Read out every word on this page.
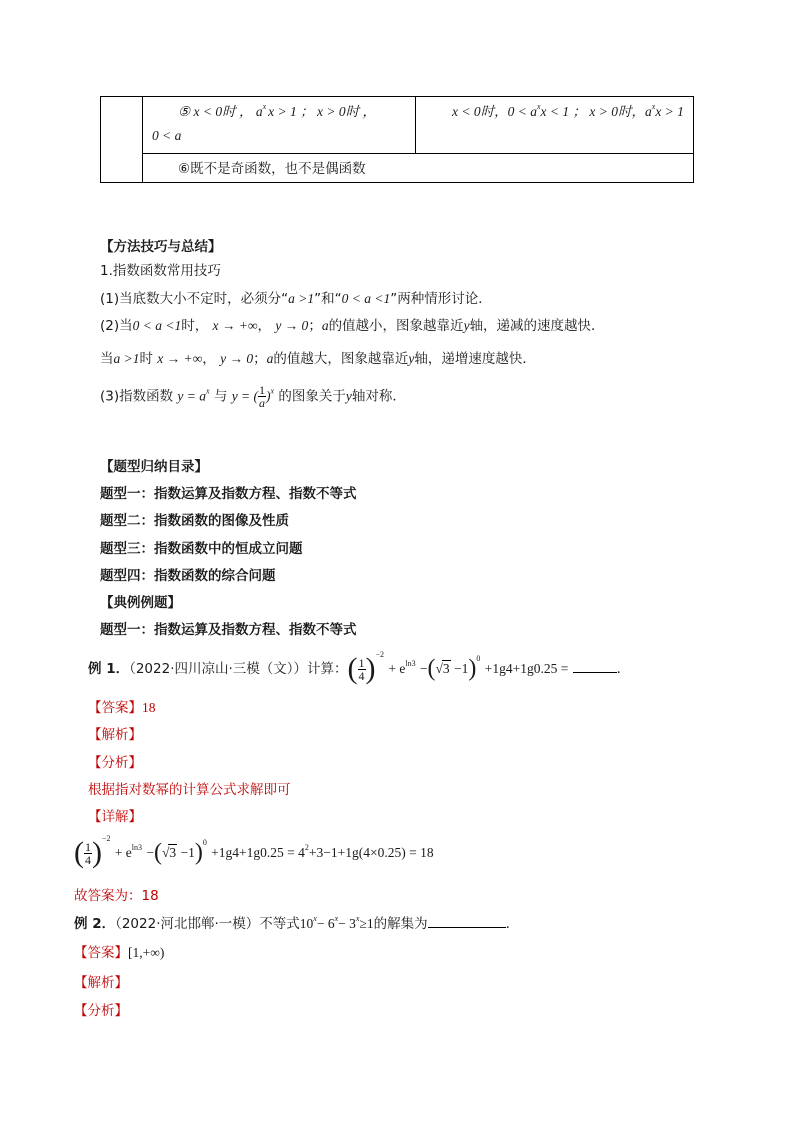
⑤ x < 0时 ， $a^x$ x > 1 ； x > 0时 ，
0 < a
x < 0时，$0 < a^xx < 1$ ； x > 0时，$a^xx > 1$
⑥既不是奇函数，也不是偶函数
【方法技巧与总结】
1.指数函数常用技巧
(1)当底数大小不定时，必须分“a >1”和“0 < a <1”两种情形讨论．
(2)当0 < a <1时， x → +∞， y → 0；a的值越小，图象越靠近y轴，递减的速度越快．
当a >1时 x → +∞， y → 0；a的值越大，图象越靠近y轴，递增速度越快．
(3)指数函数 $y = a^x$ 与 y = ( $\frac{1}{a} )^x$ 的图象关于y轴对称．
【题型归纳目录】
题型一：指数运算及指数方程、指数不等式
题型二：指数函数的图像及性质
题型三：指数函数中的恒成立问题
题型四：指数函数的综合问题
【典例例题】
题型一：指数运算及指数方程、指数不等式
例 1．（2022·四川凉山·三模（文））计算：( $\frac{1}{4} )^{-2} + e^{ln3} -(√3 -1)^0 +1g4+1g0.25$ =	．
【答案】18
【解析】
【分析】
根据指对数幂的计算公式求解即可
【详解】
( $\frac{1}{4} )^{-2} + e^{ln3} -(√3 -1)^0 +1g4+1g0.25 = 4^2+3-1+1g(4\times 0.25) = 18$
故答案为：18
例 2．（2022·河北邯郸·一模）不等式$10^x- 6^x- 3^x\ge 1$的解集为	．
【答案】[1,+∞)
【解析】
【分析】
